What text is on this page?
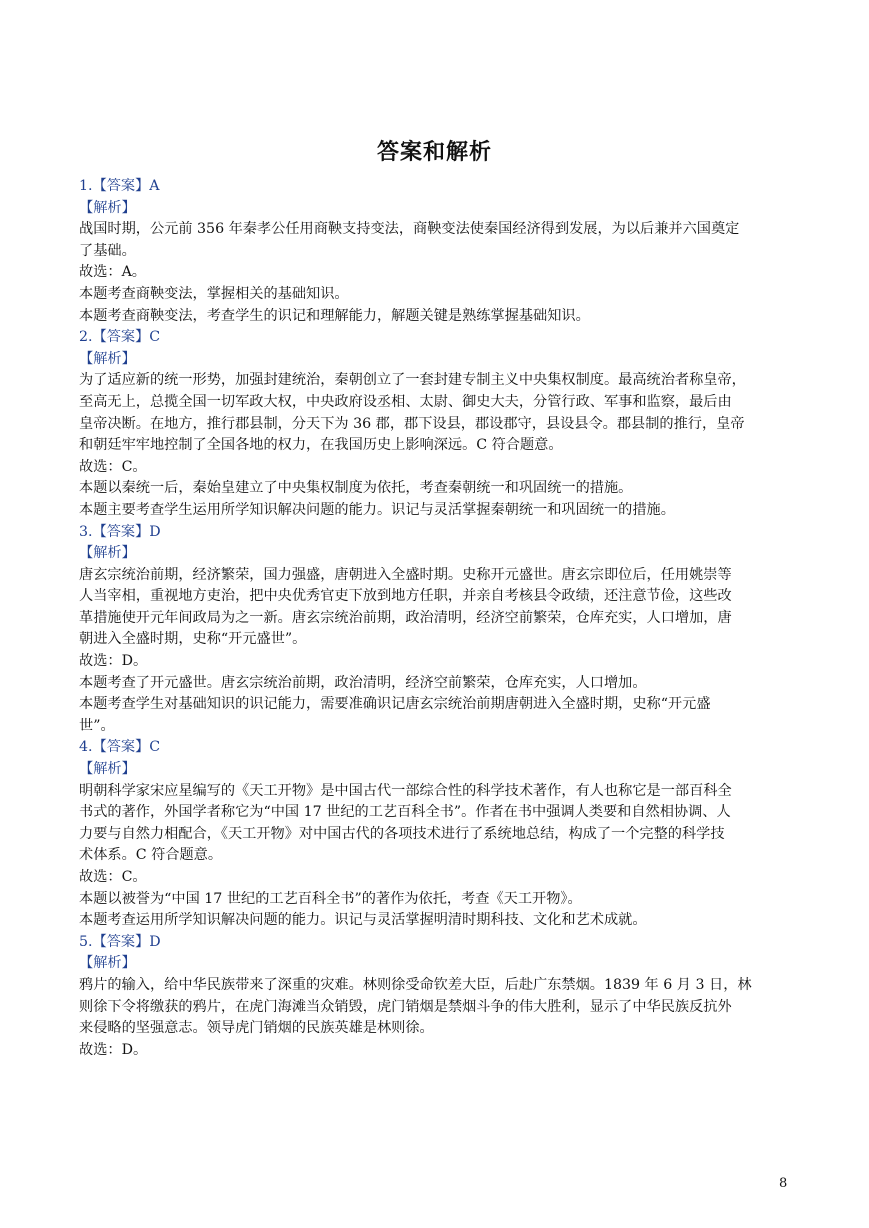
答案和解析
1.【答案】A
【解析】
战国时期，公元前 356 年秦孝公任用商鞅支持变法，商鞅变法使秦国经济得到发展，为以后兼并六国奠定
了基础。
故选：A。
本题考查商鞅变法，掌握相关的基础知识。
本题考查商鞅变法，考查学生的识记和理解能力，解题关键是熟练掌握基础知识。
2.【答案】C
【解析】
为了适应新的统一形势，加强封建统治，秦朝创立了一套封建专制主义中央集权制度。最高统治者称皇帝，
至高无上，总揽全国一切军政大权，中央政府设丞相、太尉、御史大夫，分管行政、军事和监察，最后由
皇帝决断。在地方，推行郡县制，分天下为 36 郡，郡下设县，郡设郡守，县设县令。郡县制的推行，皇帝
和朝廷牢牢地控制了全国各地的权力，在我国历史上影响深远。C 符合题意。
故选：C。
本题以秦统一后，秦始皇建立了中央集权制度为依托，考查秦朝统一和巩固统一的措施。
本题主要考查学生运用所学知识解决问题的能力。识记与灵活掌握秦朝统一和巩固统一的措施。
3.【答案】D
【解析】
唐玄宗统治前期，经济繁荣，国力强盛，唐朝进入全盛时期。史称开元盛世。唐玄宗即位后，任用姚崇等
人当宰相，重视地方吏治，把中央优秀官吏下放到地方任职，并亲自考核县令政绩，还注意节俭，这些改
革措施使开元年间政局为之一新。唐玄宗统治前期，政治清明，经济空前繁荣，仓库充实，人口增加，唐
朝进入全盛时期，史称“开元盛世”。
故选：D。
本题考查了开元盛世。唐玄宗统治前期，政治清明，经济空前繁荣，仓库充实，人口增加。
本题考查学生对基础知识的识记能力，需要准确识记唐玄宗统治前期唐朝进入全盛时期，史称“开元盛
世”。
4.【答案】C
【解析】
明朝科学家宋应星编写的《天工开物》是中国古代一部综合性的科学技术著作，有人也称它是一部百科全
书式的著作，外国学者称它为“中国 17 世纪的工艺百科全书”。作者在书中强调人类要和自然相协调、人
力要与自然力相配合，《天工开物》对中国古代的各项技术进行了系统地总结，构成了一个完整的科学技
术体系。C 符合题意。
故选：C。
本题以被誉为“中国 17 世纪的工艺百科全书”的著作为依托，考查《天工开物》。
本题考查运用所学知识解决问题的能力。识记与灵活掌握明清时期科技、文化和艺术成就。
5.【答案】D
【解析】
鸦片的输入，给中华民族带来了深重的灾难。林则徐受命钦差大臣，后赴广东禁烟。1839 年 6 月 3 日，林
则徐下令将缴获的鸦片，在虎门海滩当众销毁，虎门销烟是禁烟斗争的伟大胜利，显示了中华民族反抗外
来侵略的坚强意志。领导虎门销烟的民族英雄是林则徐。
故选：D。
8
